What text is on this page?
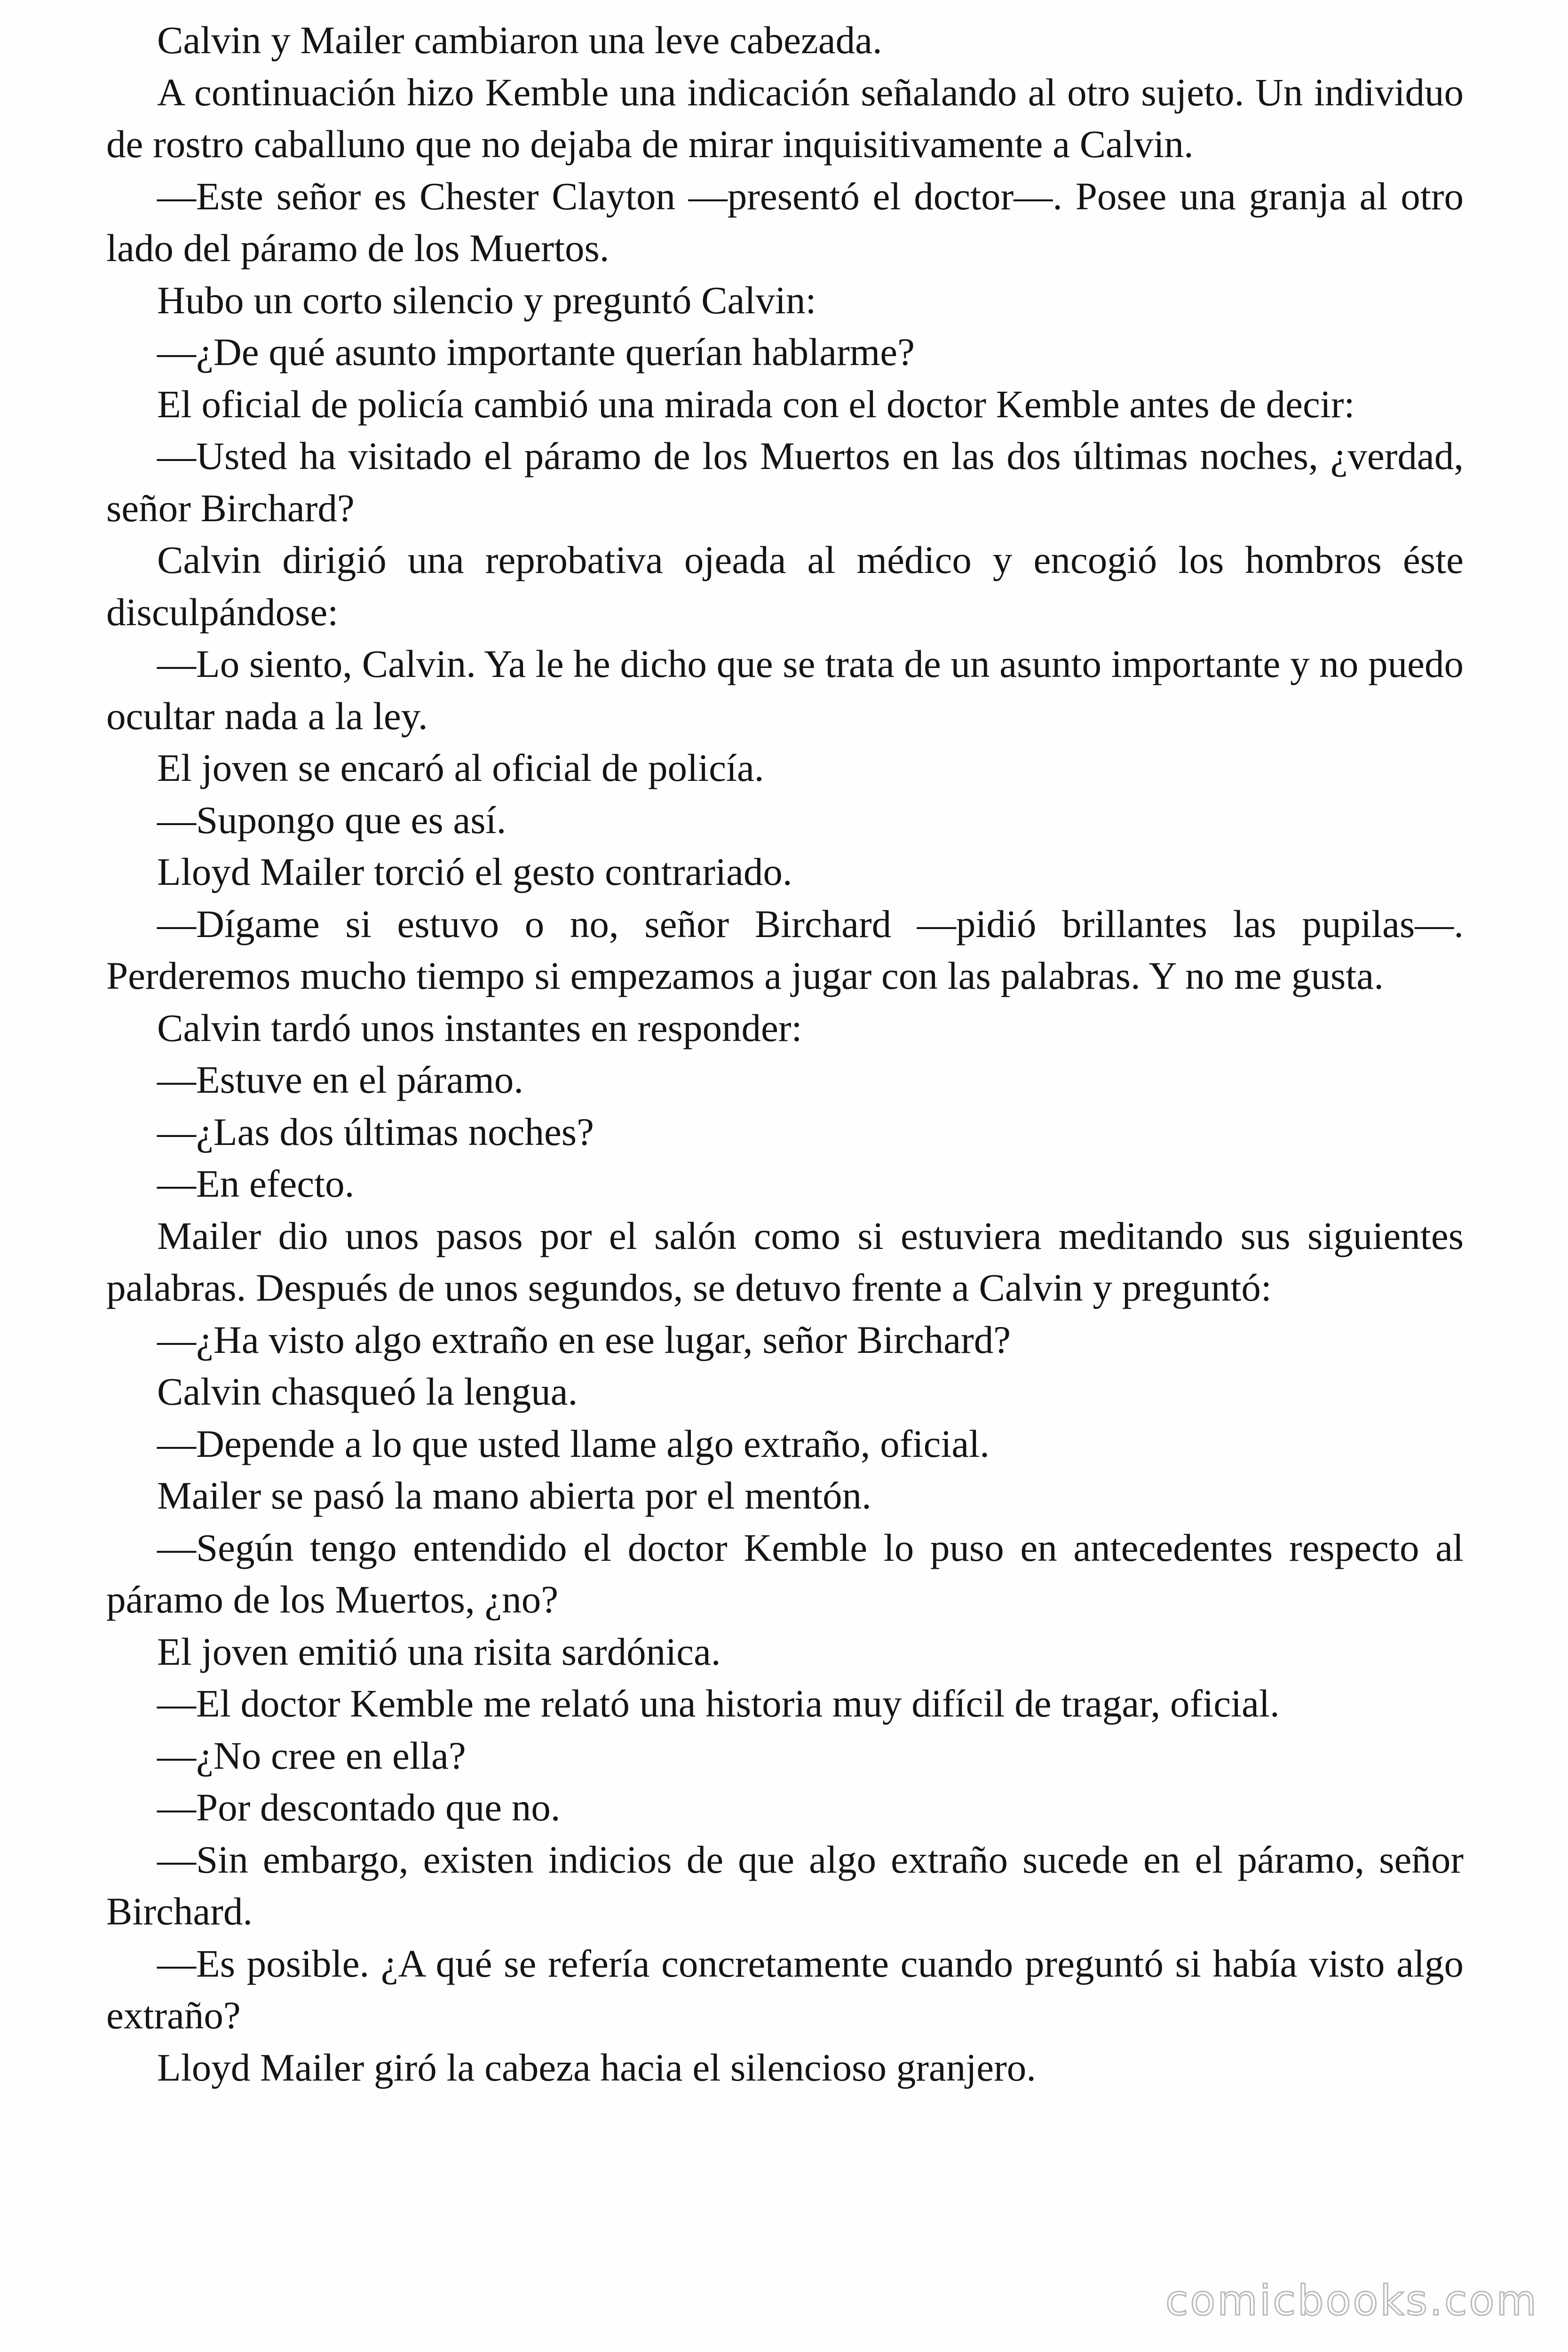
Calvin y Mailer cambiaron una leve cabezada.

A continuación hizo Kemble una indicación señalando al otro sujeto. Un individuo de rostro caballuno que no dejaba de mirar inquisitivamente a Calvin.

—Este señor es Chester Clayton —presentó el doctor—. Posee una granja al otro lado del páramo de los Muertos.

Hubo un corto silencio y preguntó Calvin:

—¿De qué asunto importante querían hablarme?

El oficial de policía cambió una mirada con el doctor Kemble antes de decir:

—Usted ha visitado el páramo de los Muertos en las dos últimas noches, ¿verdad, señor Birchard?

Calvin dirigió una reprobativa ojeada al médico y encogió los hombros éste disculpándose:

—Lo siento, Calvin. Ya le he dicho que se trata de un asunto importante y no puedo ocultar nada a la ley.

El joven se encaró al oficial de policía.

—Supongo que es así.

Lloyd Mailer torció el gesto contrariado.

—Dígame si estuvo o no, señor Birchard —pidió brillantes las pupilas—. Perderemos mucho tiempo si empezamos a jugar con las palabras. Y no me gusta.

Calvin tardó unos instantes en responder:

—Estuve en el páramo.

—¿Las dos últimas noches?

—En efecto.

Mailer dio unos pasos por el salón como si estuviera meditando sus siguientes palabras. Después de unos segundos, se detuvo frente a Calvin y preguntó:

—¿Ha visto algo extraño en ese lugar, señor Birchard?

Calvin chasqueó la lengua.

—Depende a lo que usted llame algo extraño, oficial.

Mailer se pasó la mano abierta por el mentón.

—Según tengo entendido el doctor Kemble lo puso en antecedentes respecto al páramo de los Muertos, ¿no?

El joven emitió una risita sardónica.

—El doctor Kemble me relató una historia muy difícil de tragar, oficial.

—¿No cree en ella?

—Por descontado que no.

—Sin embargo, existen indicios de que algo extraño sucede en el páramo, señor Birchard.

—Es posible. ¿A qué se refería concretamente cuando preguntó si había visto algo extraño?

Lloyd Mailer giró la cabeza hacia el silencioso granjero.

comicbooks.com
